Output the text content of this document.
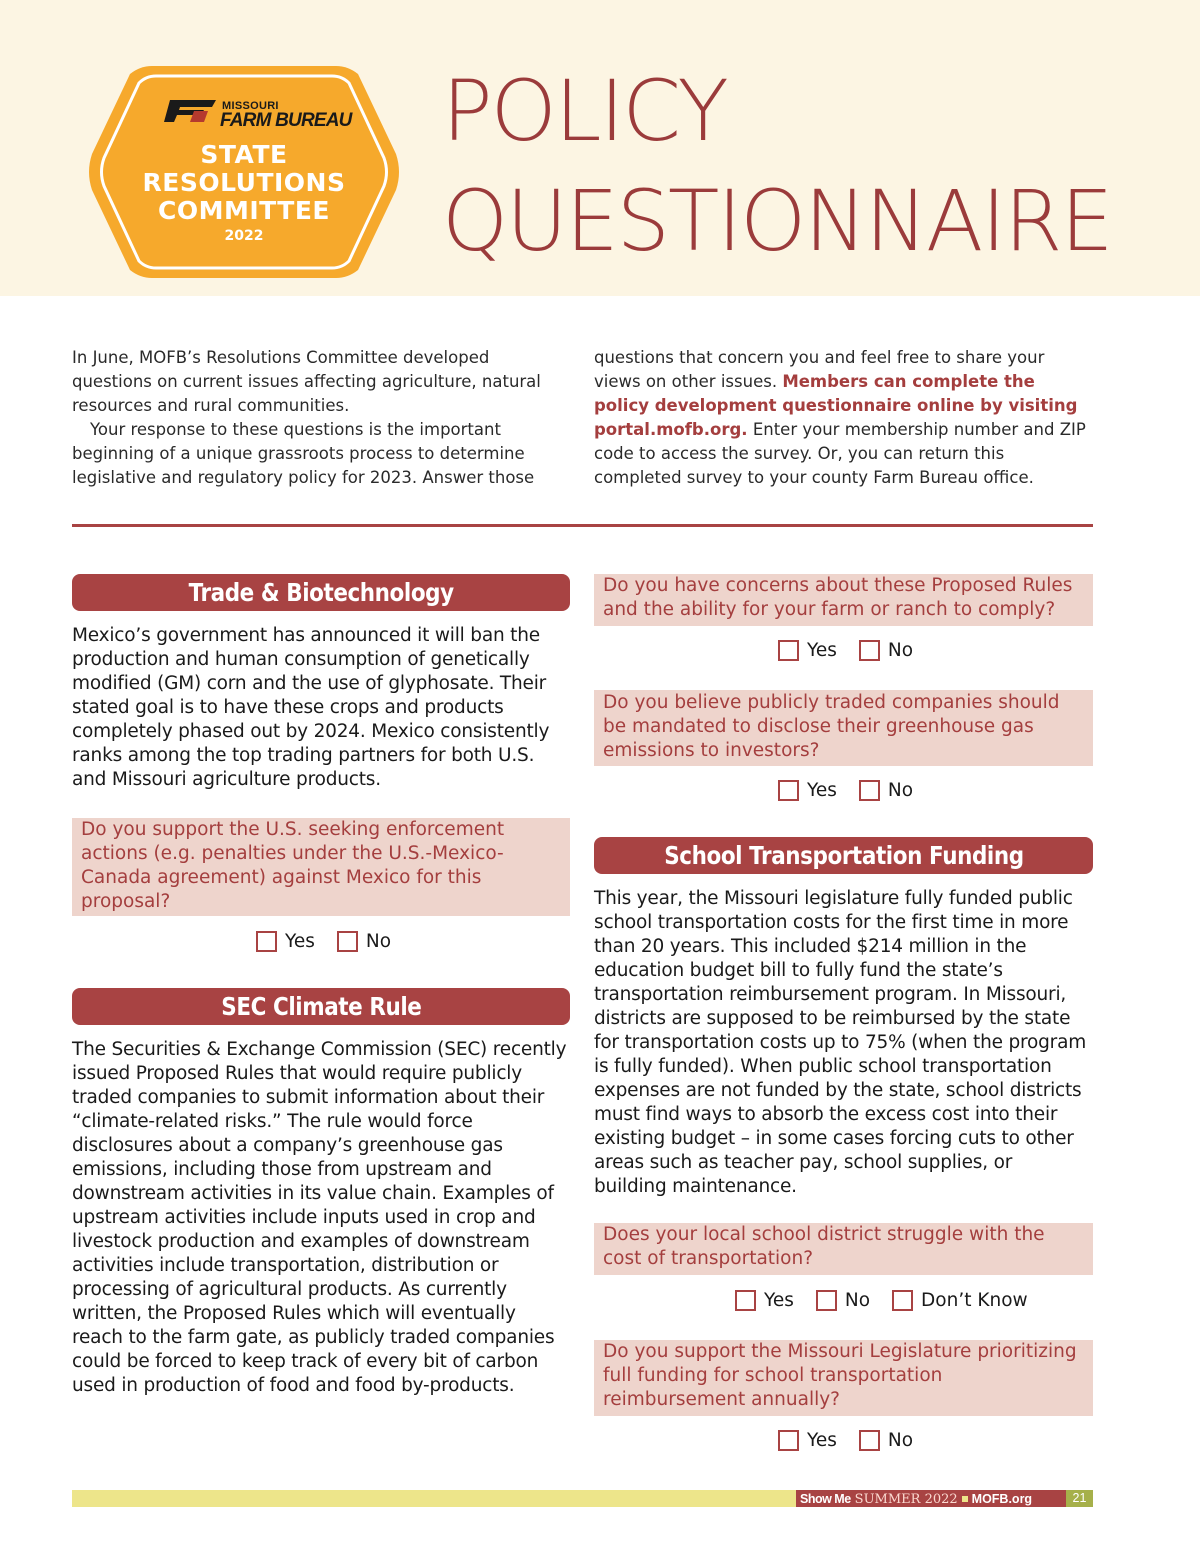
MISSOURI
FARM BUREAU
STATE
RESOLUTIONS
COMMITTEE
2022
POLICY
QUESTIONNAIRE

In June, MOFB’s Resolutions Committee developed questions on current issues affecting agriculture, natural resources and rural communities.

Your response to these questions is the important beginning of a unique grassroots process to determine legislative and regulatory policy for 2023. Answer those

questions that concern you and feel free to share your views on other issues. Members can complete the policy development questionnaire online by visiting portal.mofb.org. Enter your membership number and ZIP code to access the survey. Or, you can return this completed survey to your county Farm Bureau office.

Trade & Biotechnology
Mexico’s government has announced it will ban the production and human consumption of genetically modified (GM) corn and the use of glyphosate. Their stated goal is to have these crops and products completely phased out by 2024. Mexico consistently ranks among the top trading partners for both U.S. and Missouri agriculture products.
Do you support the U.S. seeking enforcement actions (e.g. penalties under the U.S.-Mexico-Canada agreement) against Mexico for this proposal?
Yes	No
SEC Climate Rule
The Securities & Exchange Commission (SEC) recently issued Proposed Rules that would require publicly traded companies to submit information about their “climate-related risks.” The rule would force disclosures about a company’s greenhouse gas emissions, including those from upstream and downstream activities in its value chain. Examples of upstream activities include inputs used in crop and livestock production and examples of downstream activities include transportation, distribution or processing of agricultural products. As currently written, the Proposed Rules which will eventually reach to the farm gate, as publicly traded companies could be forced to keep track of every bit of carbon used in production of food and food by-products.
Do you have concerns about these Proposed Rules and the ability for your farm or ranch to comply?
Yes	No
Do you believe publicly traded companies should be mandated to disclose their greenhouse gas emissions to investors?
Yes	No
School Transportation Funding
This year, the Missouri legislature fully funded public school transportation costs for the first time in more than 20 years. This included $214 million in the education budget bill to fully fund the state’s transportation reimbursement program. In Missouri, districts are supposed to be reimbursed by the state for transportation costs up to 75% (when the program is fully funded). When public school transportation expenses are not funded by the state, school districts must find ways to absorb the excess cost into their existing budget – in some cases forcing cuts to other areas such as teacher pay, school supplies, or building maintenance.
Does your local school district struggle with the cost of transportation?
Yes	No	Don’t Know
Do you support the Missouri Legislature prioritizing full funding for school transportation reimbursement annually?
Yes	No
Show Me SUMMER 2022 MOFB.org	21
